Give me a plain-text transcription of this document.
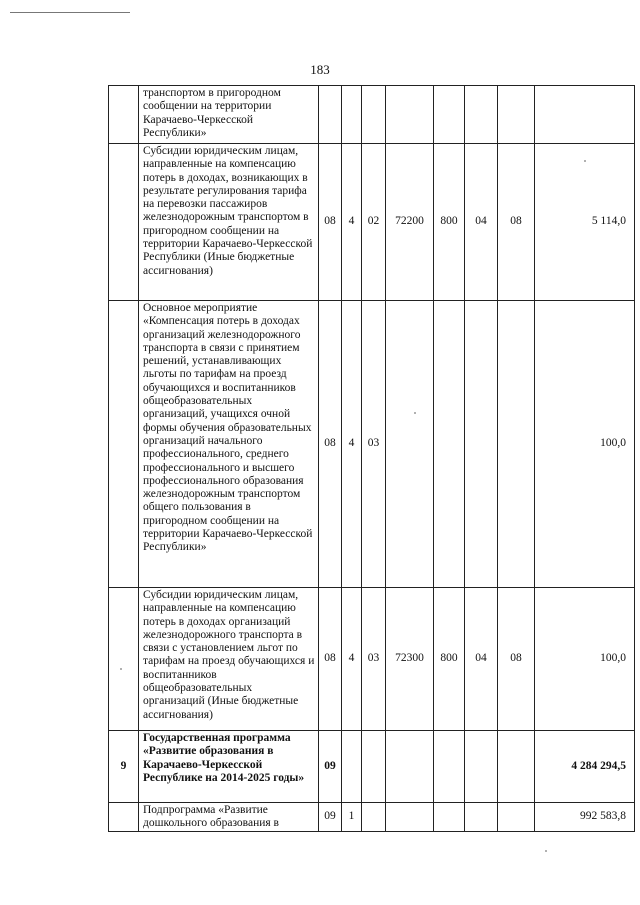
183
	транспортом в пригородном сообщении на территории Карачаево-Черкесской Республики»								
	Субсидии юридическим лицам, направленные на компенсацию потерь в доходах, возникающих в результате регулирования тарифа на перевозки пассажиров железнодорожным транспортом в пригородном сообщении на территории Карачаево-Черкесской Республики (Иные бюджетные ассигнования)	08	4	02	72200	800	04	08	5 114,0
	Основное мероприятие «Компенсация потерь в доходах организаций железнодорожного транспорта в связи с принятием решений, устанавливающих льготы по тарифам на проезд обучающихся и воспитанников общеобразовательных организаций, учащихся очной формы обучения образовательных организаций начального профессионального, среднего профессионального и высшего профессионального образования железнодорожным транспортом общего пользования в пригородном сообщении на территории Карачаево-Черкесской Республики»	08	4	03					100,0
	Субсидии юридическим лицам, направленные на компенсацию потерь в доходах организаций железнодорожного транспорта в связи с установлением льгот по тарифам на проезд обучающихся и воспитанников общеобразовательных организаций (Иные бюджетные ассигнования)	08	4	03	72300	800	04	08	100,0
9	Государственная программа «Развитие образования в Карачаево-Черкесской Республике на 2014-2025 годы»	09							4 284 294,5
	Подпрограмма «Развитие дошкольного образования в	09	1						992 583,8
